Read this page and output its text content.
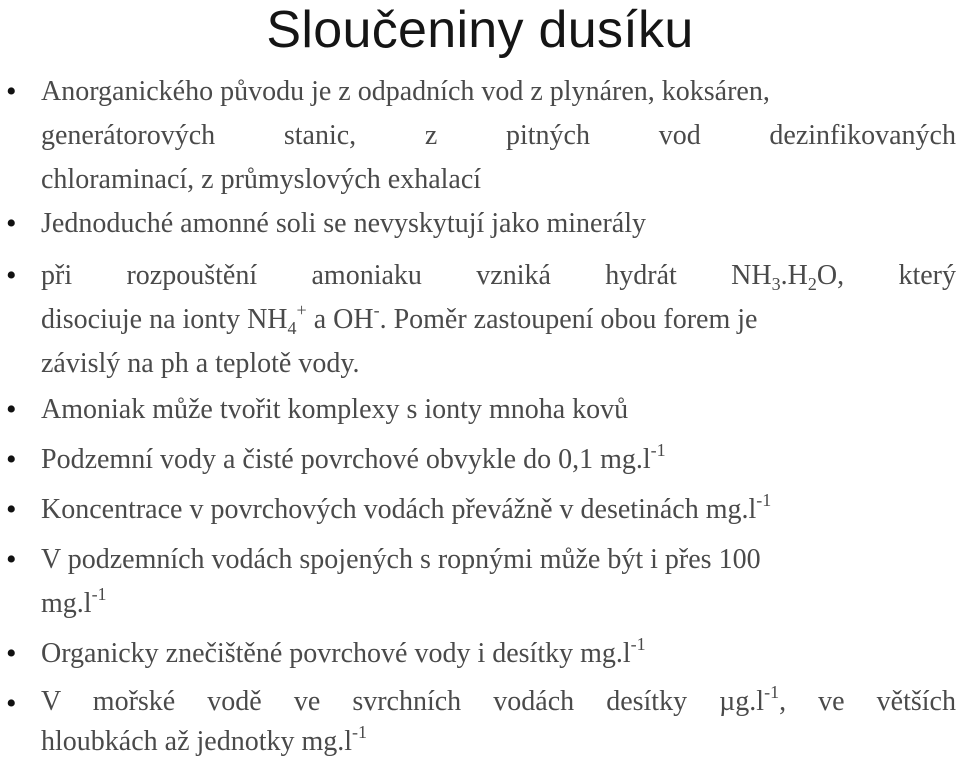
Sloučeniny dusíku
• Anorganického původu je z odpadních vod z plynáren, koksáren,
generátorových stanic, z pitných vod dezinfikovaných
chloraminací, z průmyslových exhalací
• Jednoduché amonné soli se nevyskytují jako minerály
• při rozpouštění amoniaku vzniká hydrát $NH_3.H_2O$, který
disociuje na ionty $NH_4^+$ a OH-. Poměr zastoupení obou forem je
závislý na ph a teplotě vody.
• Amoniak může tvořit komplexy s ionty mnoha kovů
• Podzemní vody a čisté povrchové obvykle do 0,1 $mg.l^{-1}$
• Koncentrace v povrchových vodách převážně v desetinách $mg.l^{-1}$
• V podzemních vodách spojených s ropnými může být i přes 100
$mg.l^{-1}$
• Organicky znečištěné povrchové vody i desítky $mg.l^{-1}$
• V mořské vodě ve svrchních vodách desítky $\mu g.l^{-1}$, ve větších
hloubkách až jednotky $mg.l^{-1}$
